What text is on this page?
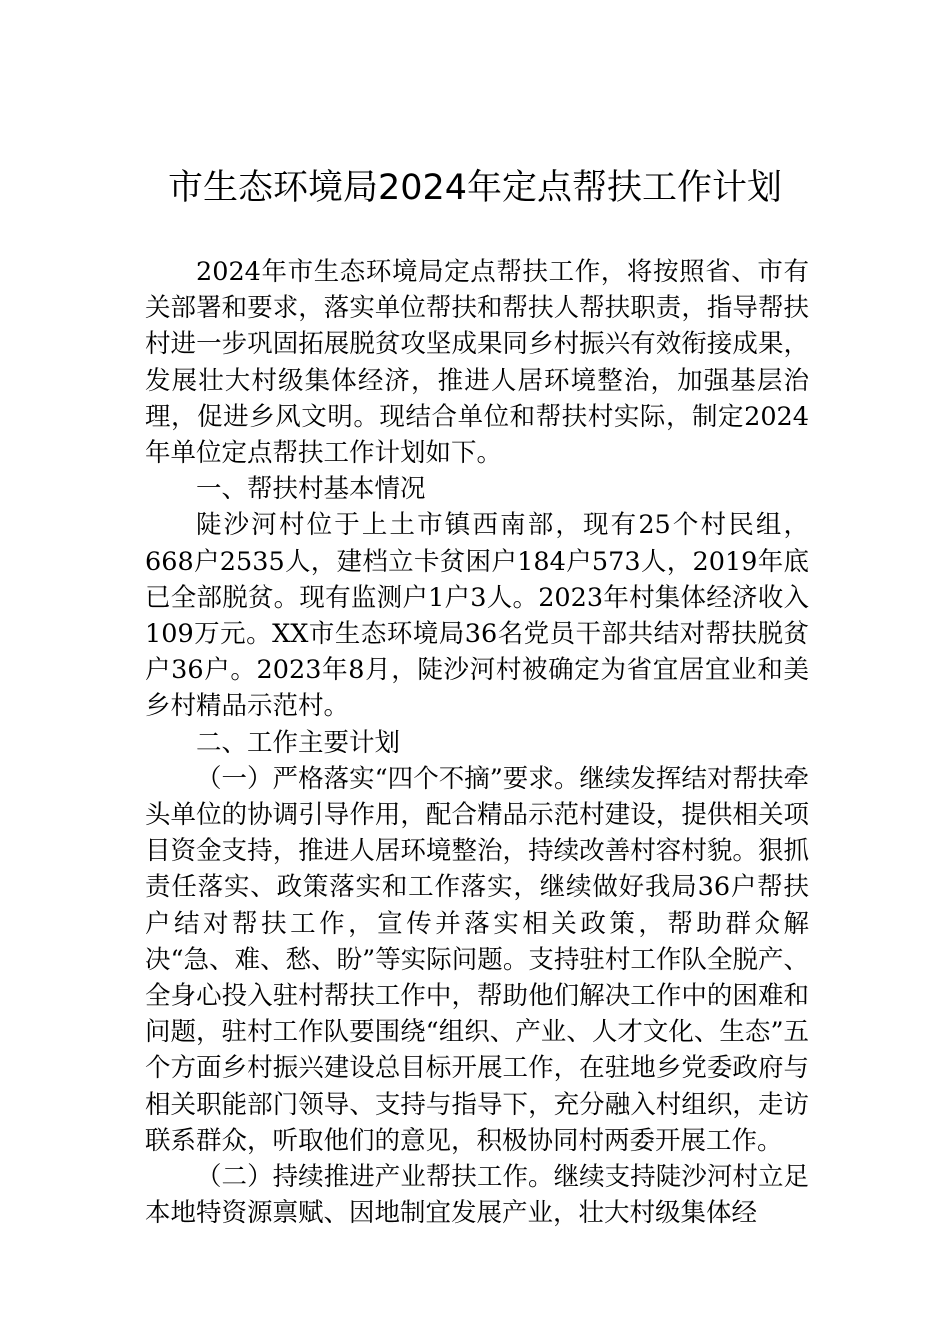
市生态环境局2024年定点帮扶工作计划

2024年市生态环境局定点帮扶工作，将按照省、市有关部署和要求，落实单位帮扶和帮扶人帮扶职责，指导帮扶村进一步巩固拓展脱贫攻坚成果同乡村振兴有效衔接成果，发展壮大村级集体经济，推进人居环境整治，加强基层治理，促进乡风文明。现结合单位和帮扶村实际，制定2024年单位定点帮扶工作计划如下。

一、帮扶村基本情况

陡沙河村位于上土市镇西南部，现有25个村民组，668户2535人，建档立卡贫困户184户573人，2019年底已全部脱贫。现有监测户1户3人。2023年村集体经济收入109万元。XX市生态环境局36名党员干部共结对帮扶脱贫户36户。2023年8月，陡沙河村被确定为省宜居宜业和美乡村精品示范村。

二、工作主要计划

（一）严格落实“四个不摘”要求。继续发挥结对帮扶牵头单位的协调引导作用，配合精品示范村建设，提供相关项目资金支持，推进人居环境整治，持续改善村容村貌。狠抓责任落实、政策落实和工作落实，继续做好我局36户帮扶户结对帮扶工作，宣传并落实相关政策，帮助群众解决“急、难、愁、盼”等实际问题。支持驻村工作队全脱产、全身心投入驻村帮扶工作中，帮助他们解决工作中的困难和问题，驻村工作队要围绕“组织、产业、人才文化、生态”五个方面乡村振兴建设总目标开展工作，在驻地乡党委政府与相关职能部门领导、支持与指导下，充分融入村组织，走访联系群众，听取他们的意见，积极协同村两委开展工作。

（二）持续推进产业帮扶工作。继续支持陡沙河村立足本地特资源禀赋、因地制宜发展产业，壮大村级集体经
